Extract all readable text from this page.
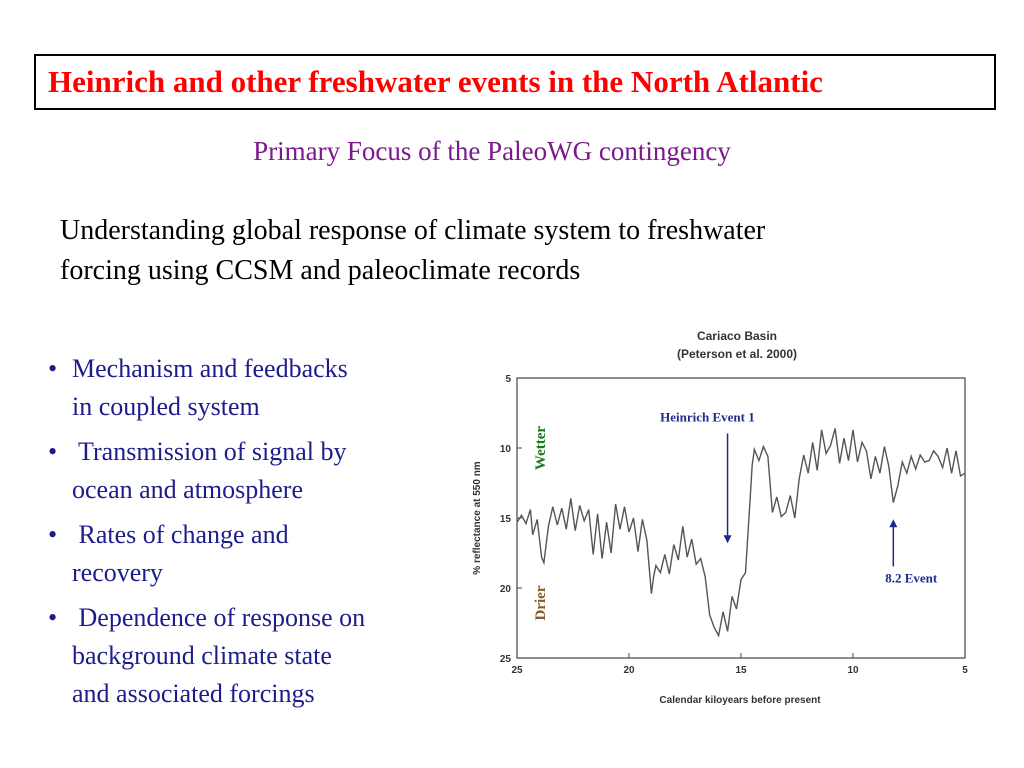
Heinrich and other freshwater events in the North Atlantic
Primary Focus of the PaleoWG contingency
Understanding global response of climate system to freshwater
forcing using CCSM and paleoclimate records
• Mechanism and feedbacks
in coupled system
• Transmission of signal by
ocean and atmosphere
• Rates of change and
recovery
• Dependence of response on
background climate state
and associated forcings
Cariaco Basin
(Peterson et al. 2000)
25	20	15	10	5
5
10
15
20
25
% reflectance at 550 nm
Calendar kiloyears before present
Wetter
Drier
Heinrich Event 1
8.2 Event
